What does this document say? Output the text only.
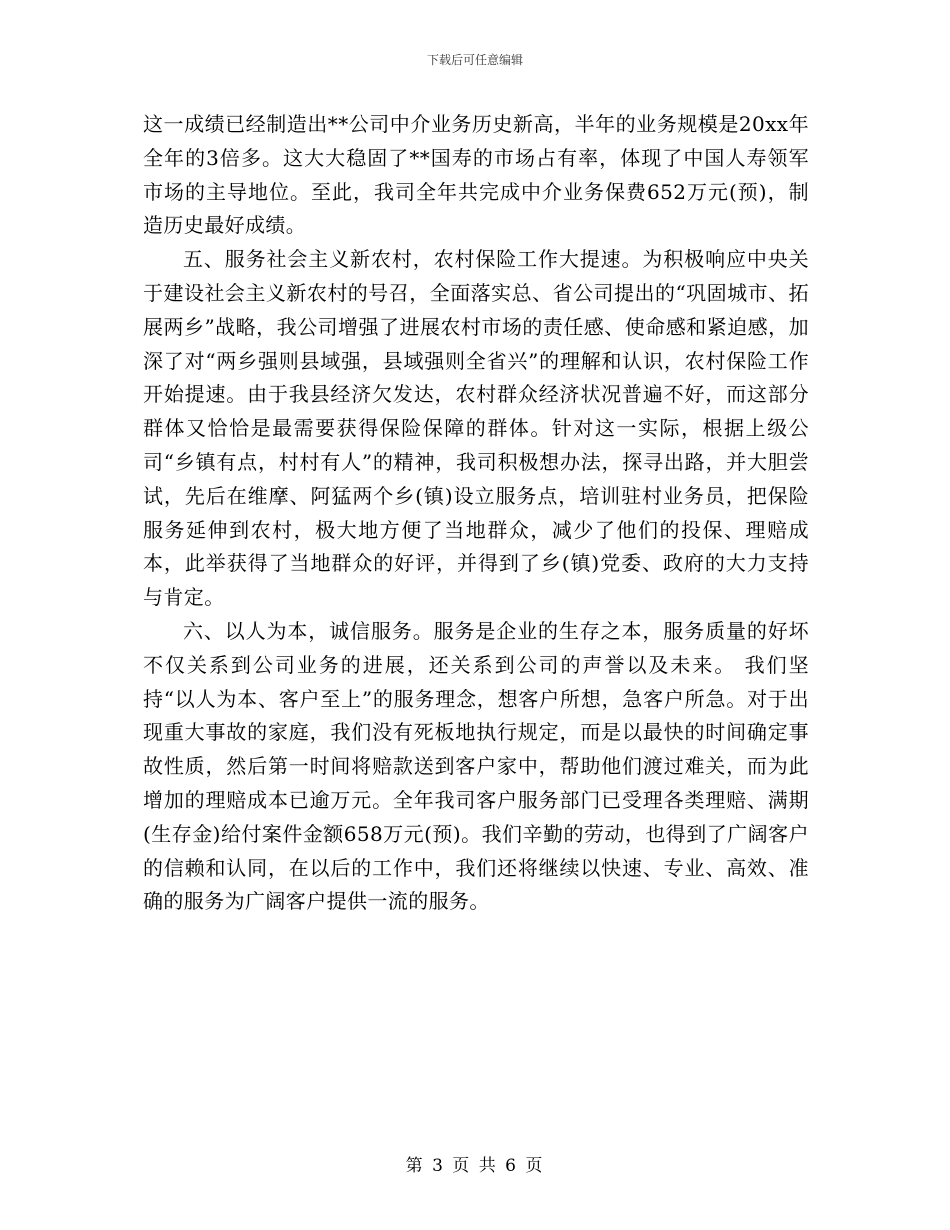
下载后可任意编辑

这一成绩已经制造出**公司中介业务历史新高，半年的业务规模是20xx年全年的3倍多。这大大稳固了**国寿的市场占有率，体现了中国人寿领军市场的主导地位。至此，我司全年共完成中介业务保费652万元(预)，制造历史最好成绩。

五、服务社会主义新农村，农村保险工作大提速。为积极响应中央关于建设社会主义新农村的号召，全面落实总、省公司提出的“巩固城市、拓展两乡”战略，我公司增强了进展农村市场的责任感、使命感和紧迫感，加深了对“两乡强则县域强，县域强则全省兴”的理解和认识，农村保险工作开始提速。由于我县经济欠发达，农村群众经济状况普遍不好，而这部分群体又恰恰是最需要获得保险保障的群体。针对这一实际，根据上级公司“乡镇有点，村村有人”的精神，我司积极想办法，探寻出路，并大胆尝试，先后在维摩、阿猛两个乡(镇)设立服务点，培训驻村业务员，把保险服务延伸到农村，极大地方便了当地群众，减少了他们的投保、理赔成本，此举获得了当地群众的好评，并得到了乡(镇)党委、政府的大力支持与肯定。

六、以人为本，诚信服务。服务是企业的生存之本，服务质量的好坏不仅关系到公司业务的进展，还关系到公司的声誉以及未来。 我们坚持“以人为本、客户至上”的服务理念，想客户所想，急客户所急。对于出现重大事故的家庭，我们没有死板地执行规定，而是以最快的时间确定事故性质，然后第一时间将赔款送到客户家中，帮助他们渡过难关，而为此增加的理赔成本已逾万元。全年我司客户服务部门已受理各类理赔、满期(生存金)给付案件金额658万元(预)。我们辛勤的劳动，也得到了广阔客户的信赖和认同，在以后的工作中，我们还将继续以快速、专业、高效、准确的服务为广阔客户提供一流的服务。

第 3 页 共 6 页
